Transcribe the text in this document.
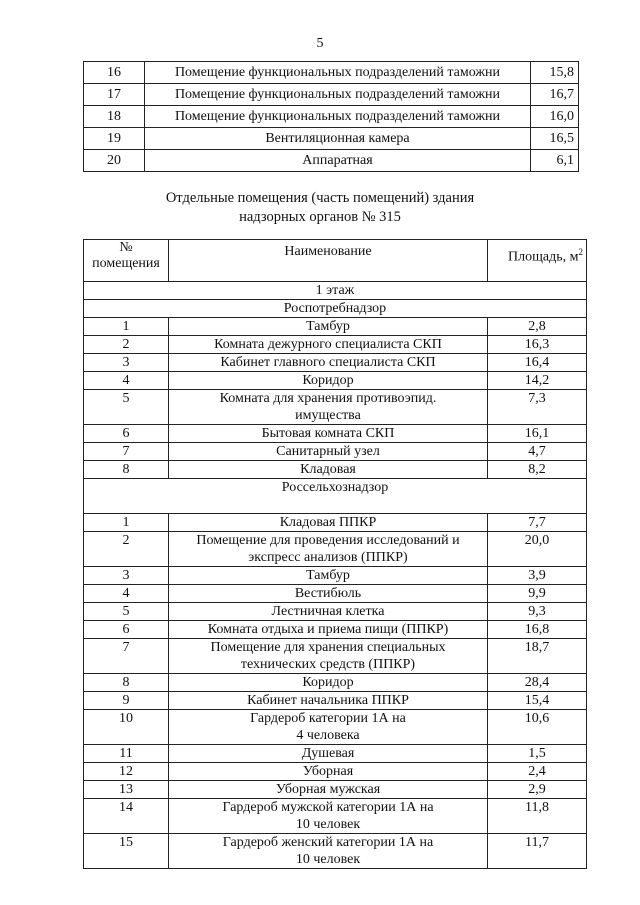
5
16	Помещение функциональных подразделений таможни	15,8
17	Помещение функциональных подразделений таможни	16,7
18	Помещение функциональных подразделений таможни	16,0
19	Вентиляционная камера	16,5
20	Аппаратная	6,1
Отдельные помещения (часть помещений) здания
надзорных органов № 315
№
помещения	Наименование	Площадь, $м^2$
1 этаж		
Роспотребнадзор		
1	Тамбур	2,8
2	Комната дежурного специалиста СКП	16,3
3	Кабинет главного специалиста СКП	16,4
4	Коридор	14,2
5	Комната для хранения противоэпид.
имущества	7,3
6	Бытовая комната СКП	16,1
7	Санитарный узел	4,7
8	Кладовая	8,2
Россельхознадзор		
1	Кладовая ППКР	7,7
2	Помещение для проведения исследований и
экспресс анализов (ППКР)	20,0
3	Тамбур	3,9
4	Вестибюль	9,9
5	Лестничная клетка	9,3
6	Комната отдыха и приема пищи (ППКР)	16,8
7	Помещение для хранения специальных
технических средств (ППКР)	18,7
8	Коридор	28,4
9	Кабинет начальника ППКР	15,4
10	Гардероб категории 1А на
4 человека	10,6
11	Душевая	1,5
12	Уборная	2,4
13	Уборная мужская	2,9
14	Гардероб мужской категории 1А на
10 человек	11,8
15	Гардероб женский категории 1А на
10 человек	11,7
